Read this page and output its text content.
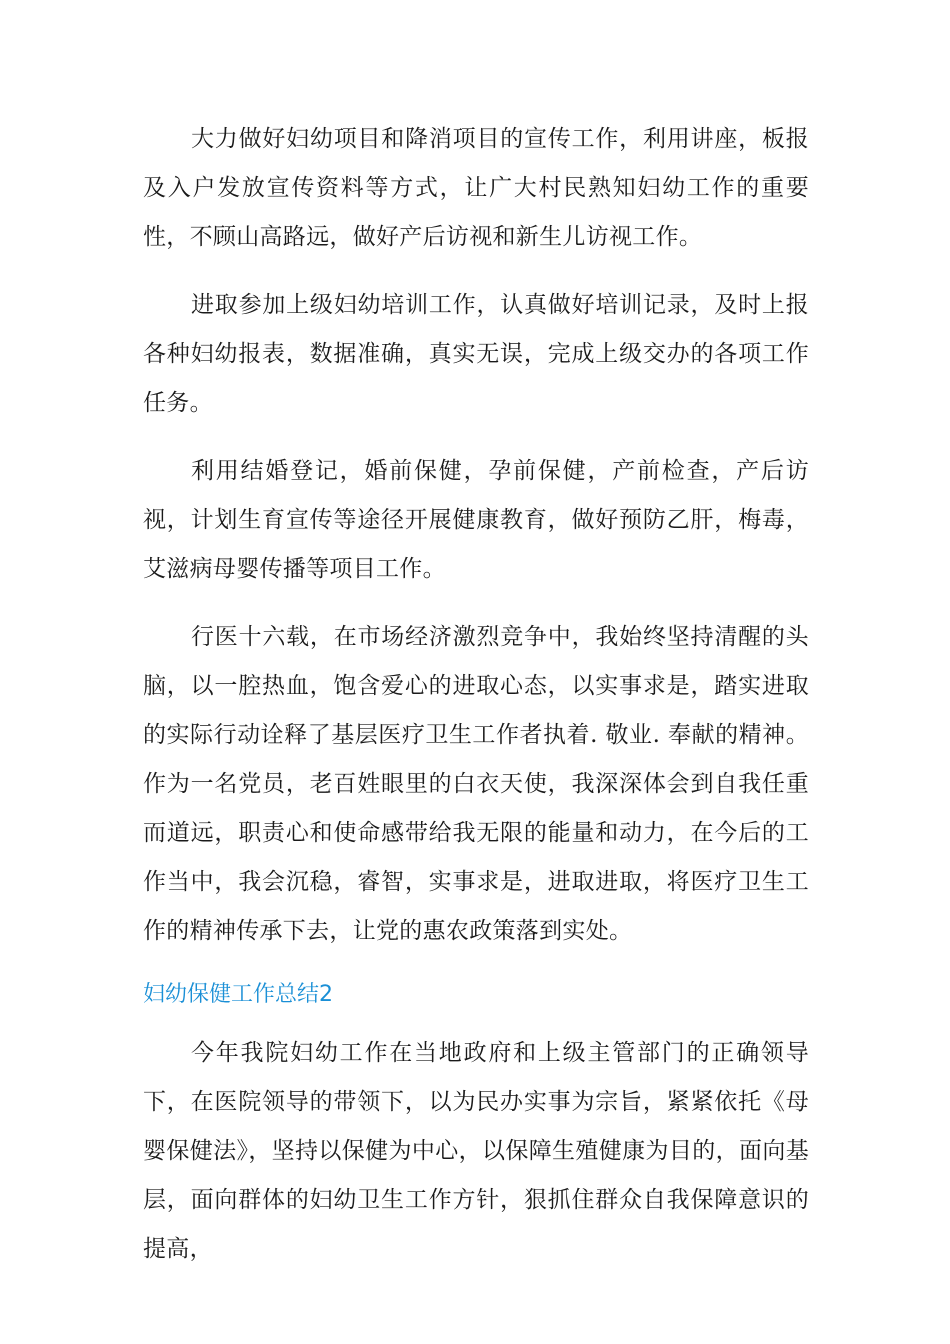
大力做好妇幼项目和降消项目的宣传工作，利用讲座，板报及入户发放宣传资料等方式，让广大村民熟知妇幼工作的重要性，不顾山高路远，做好产后访视和新生儿访视工作。

进取参加上级妇幼培训工作，认真做好培训记录，及时上报各种妇幼报表，数据准确，真实无误，完成上级交办的各项工作任务。

利用结婚登记，婚前保健，孕前保健，产前检查，产后访视，计划生育宣传等途径开展健康教育，做好预防乙肝，梅毒，艾滋病母婴传播等项目工作。

行医十六载，在市场经济激烈竞争中，我始终坚持清醒的头脑，以一腔热血，饱含爱心的进取心态，以实事求是，踏实进取的实际行动诠释了基层医疗卫生工作者执着. 敬业. 奉献的精神。作为一名党员，老百姓眼里的白衣天使，我深深体会到自我任重而道远，职责心和使命感带给我无限的能量和动力，在今后的工作当中，我会沉稳，睿智，实事求是，进取进取，将医疗卫生工作的精神传承下去，让党的惠农政策落到实处。

妇幼保健工作总结2

今年我院妇幼工作在当地政府和上级主管部门的正确领导下，在医院领导的带领下，以为民办实事为宗旨，紧紧依托《母婴保健法》，坚持以保健为中心，以保障生殖健康为目的，面向基层，面向群体的妇幼卫生工作方针，狠抓住群众自我保障意识的提高，
